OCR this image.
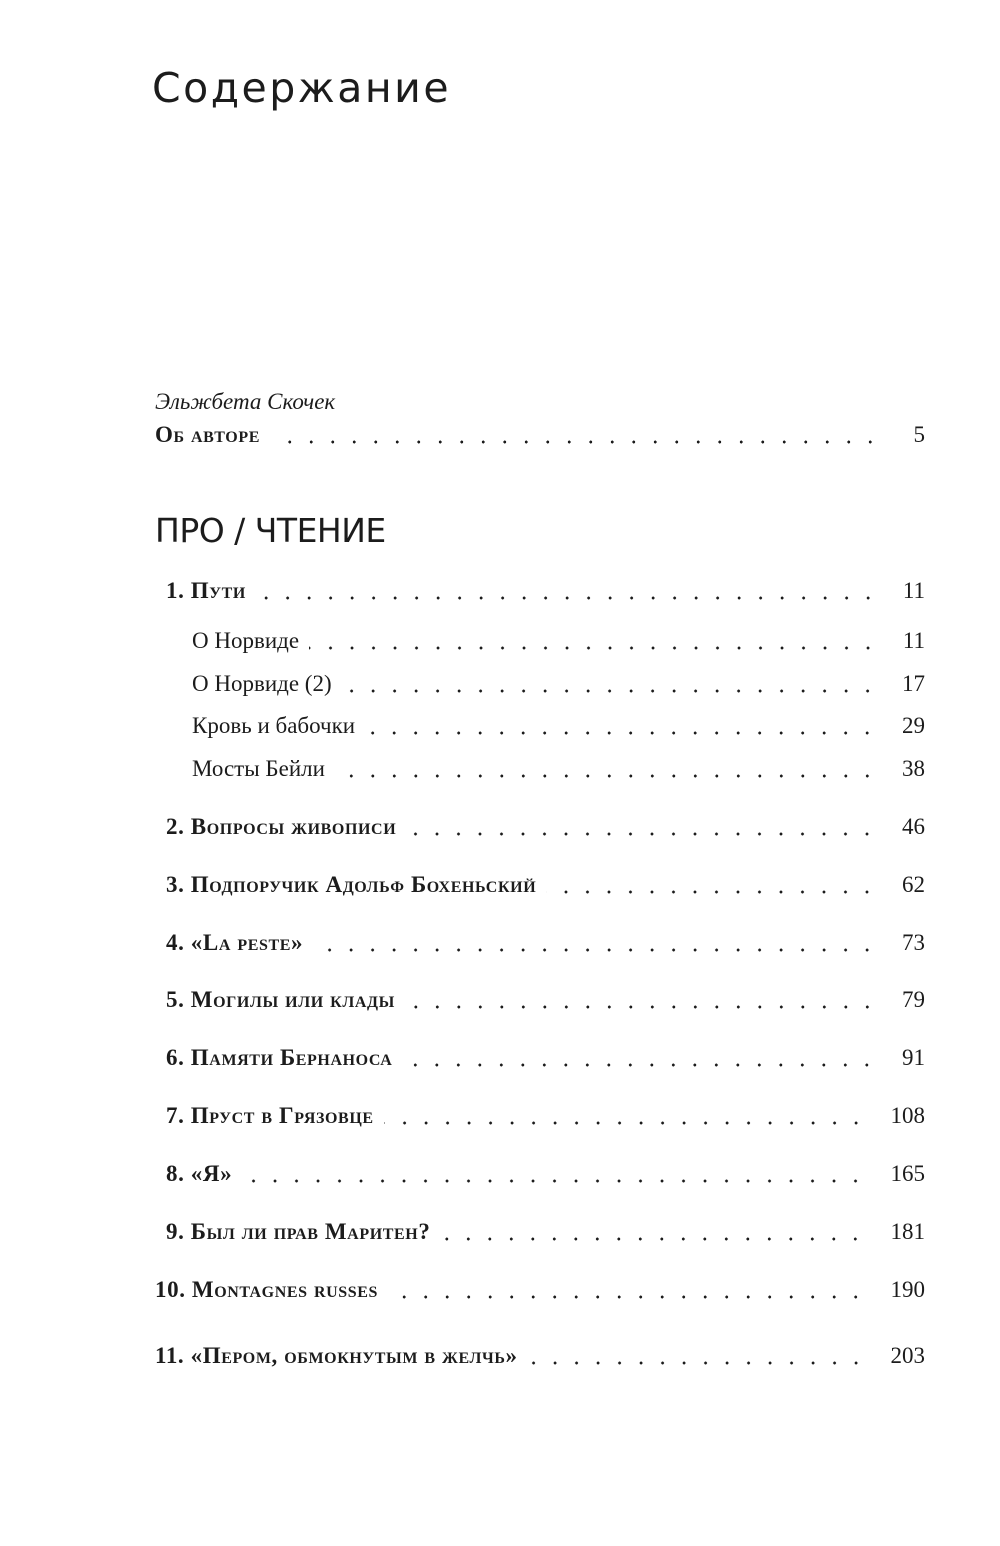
Содержание
Эльжбета Скочек
Об авторе	5
ПРО / ЧТЕНИЕ
1. Пути	11
О Норвиде	11
О Норвиде (2)	17
Кровь и бабочки	29
Мосты Бейли	38
2. Вопросы живописи	46
3. Подпоручик Адольф Бохеньский	62
4. «La peste»	73
5. Могилы или клады	79
6. Памяти Бернаноса	91
7. Пруст в Грязовце	108
8. «Я»	165
9. Был ли прав Маритен?	181
10. Montagnes russes	190
11. «Пером, обмокнутым в желчь»	203
